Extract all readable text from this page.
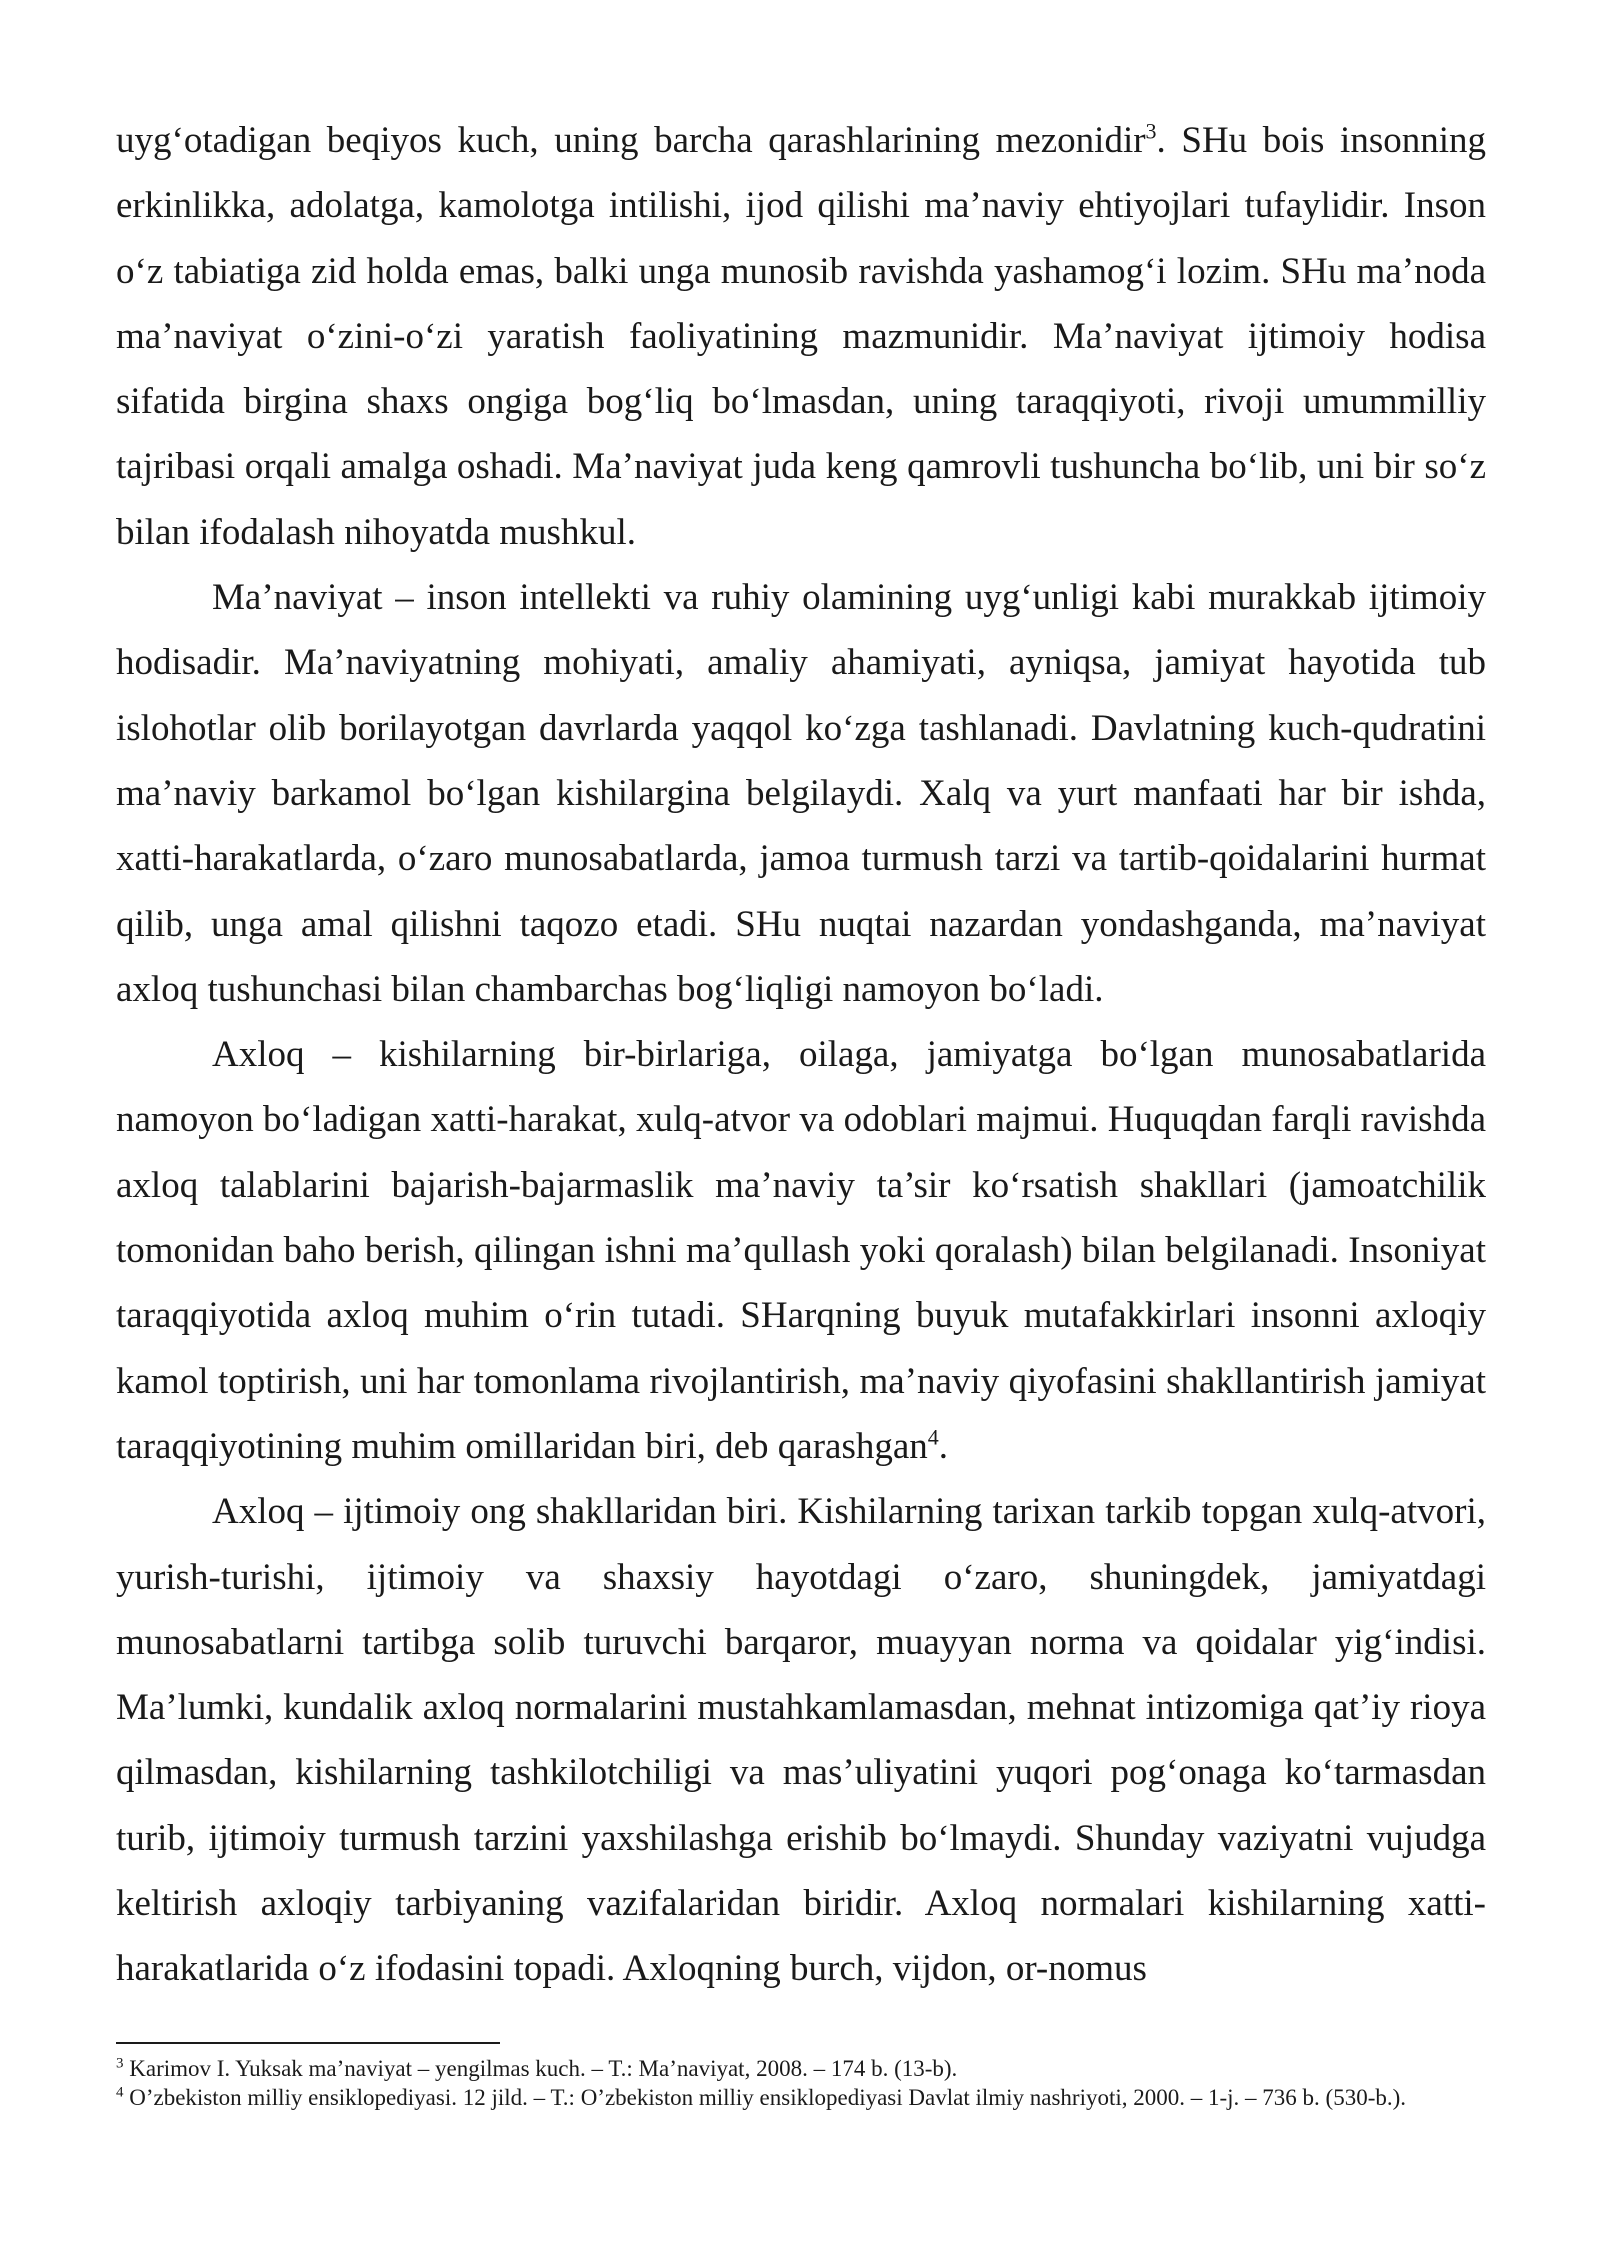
uyg‘otadigan beqiyos kuch, uning barcha qarashlarining mezonidir$^3$. SHu bois insonning erkinlikka, adolatga, kamolotga intilishi, ijod qilishi ma’naviy ehtiyojlari tufaylidir. Inson o‘z tabiatiga zid holda emas, balki unga munosib ravishda yashamog‘i lozim. SHu ma’noda ma’naviyat o‘zini-o‘zi yaratish faoliyatining mazmunidir. Ma’naviyat ijtimoiy hodisa sifatida birgina shaxs ongiga bog‘liq bo‘lmasdan, uning taraqqiyoti, rivoji umummilliy tajribasi orqali amalga oshadi. Ma’naviyat juda keng qamrovli tushuncha bo‘lib, uni bir so‘z bilan ifodalash nihoyatda mushkul.

Ma’naviyat – inson intellekti va ruhiy olamining uyg‘unligi kabi murakkab ijtimoiy hodisadir. Ma’naviyatning mohiyati, amaliy ahamiyati, ayniqsa, jamiyat hayotida tub islohotlar olib borilayotgan davrlarda yaqqol ko‘zga tashlanadi. Davlatning kuch-qudratini ma’naviy barkamol bo‘lgan kishilargina belgilaydi. Xalq va yurt manfaati har bir ishda, xatti-harakatlarda, o‘zaro munosabatlarda, jamoa turmush tarzi va tartib-qoidalarini hurmat qilib, unga amal qilishni taqozo etadi. SHu nuqtai nazardan yondashganda, ma’naviyat axloq tushunchasi bilan chambarchas bog‘liqligi namoyon bo‘ladi.

Axloq – kishilarning bir-birlariga, oilaga, jamiyatga bo‘lgan munosabatlarida namoyon bo‘ladigan xatti-harakat, xulq-atvor va odoblari majmui. Huquqdan farqli ravishda axloq talablarini bajarish-bajarmaslik ma’naviy ta’sir ko‘rsatish shakllari (jamoatchilik tomonidan baho berish, qilingan ishni ma’qullash yoki qoralash) bilan belgilanadi. Insoniyat taraqqiyotida axloq muhim o‘rin tutadi. SHarqning buyuk mutafakkirlari insonni axloqiy kamol toptirish, uni har tomonlama rivojlantirish, ma’naviy qiyofasini shakllantirish jamiyat taraqqiyotining muhim omillaridan biri, deb qarashgan$^4$.

Axloq – ijtimoiy ong shakllaridan biri. Kishilarning tarixan tarkib topgan xulq-atvori, yurish-turishi, ijtimoiy va shaxsiy hayotdagi o‘zaro, shuningdek, jamiyatdagi munosabatlarni tartibga solib turuvchi barqaror, muayyan norma va qoidalar yig‘indisi. Ma’lumki, kundalik axloq normalarini mustahkamlamasdan, mehnat intizomiga qat’iy rioya qilmasdan, kishilarning tashkilotchiligi va mas’uliyatini yuqori pog‘onaga ko‘tarmasdan turib, ijtimoiy turmush tarzini yaxshilashga erishib bo‘lmaydi. Shunday vaziyatni vujudga keltirish axloqiy tarbiyaning vazifalaridan biridir. Axloq normalari kishilarning xatti-harakatlarida o‘z ifodasini topadi. Axloqning burch, vijdon, or-nomus

$^3$ Karimov I. Yuksak ma’naviyat – yengilmas kuch. – T.: Ma’naviyat, 2008. – 174 b. (13-b).

$^4$ O’zbekiston milliy ensiklopediyasi. 12 jild. – T.: O’zbekiston milliy ensiklopediyasi Davlat ilmiy nashriyoti, 2000. – 1-j. – 736 b. (530-b.).
